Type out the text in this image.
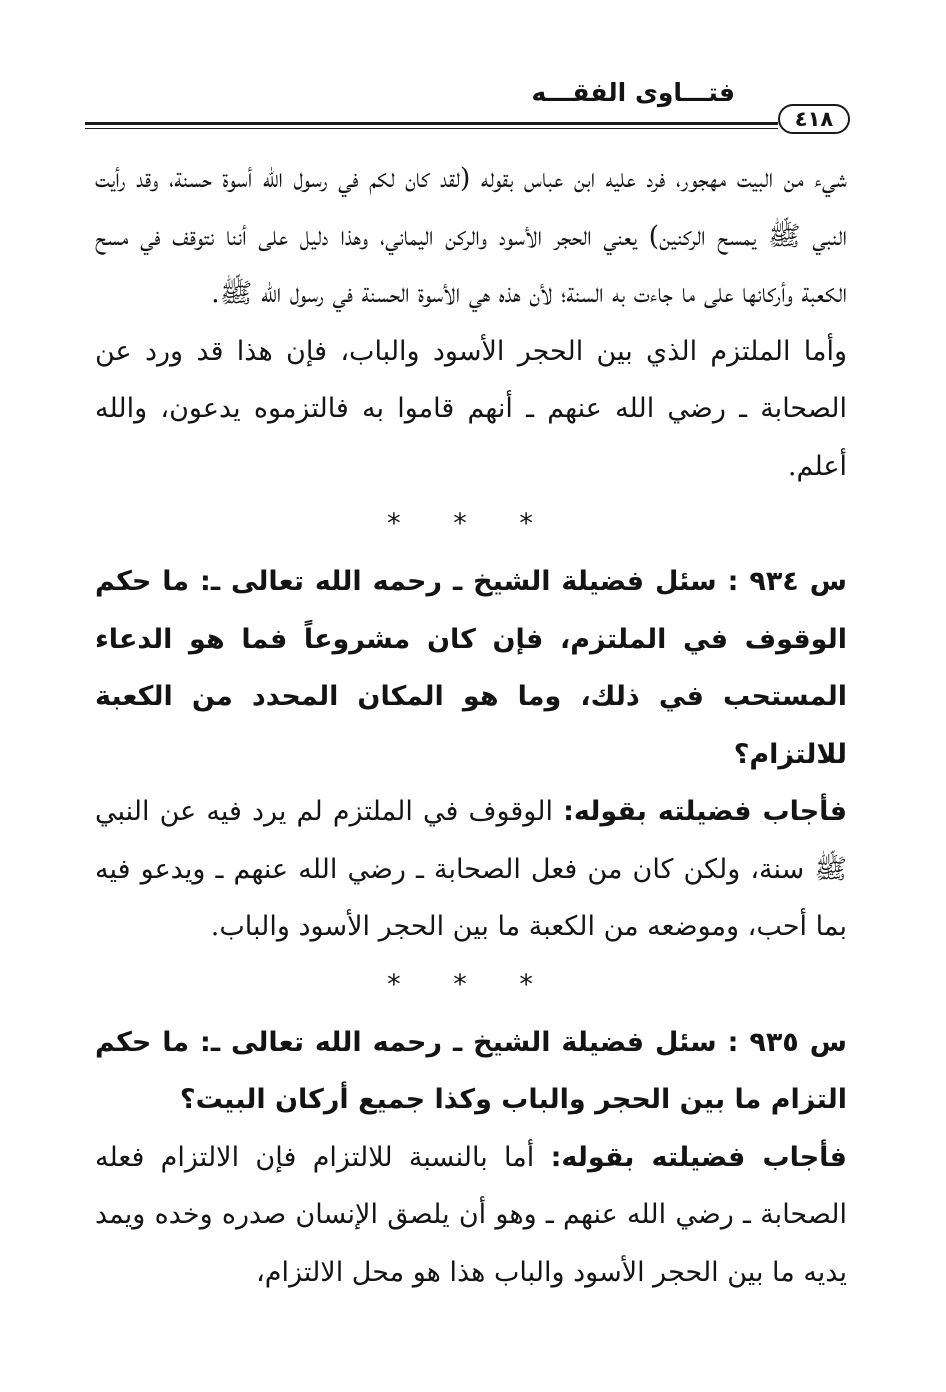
فتـــاوى الفقـــه
٤١٨

شيء من البيت مهجور، فرد عليه ابن عباس بقوله (لقد كان لكم في رسول الله أسوة حسنة، وقد رأيت النبي ﷺ يمسح الركنين) يعني الحجر الأسود والركن اليماني، وهذا دليل على أننا نتوقف في مسح الكعبة وأركانها على ما جاءت به السنة؛ لأن هذه هي الأسوة الحسنة في رسول الله ﷺ.

وأما الملتزم الذي بين الحجر الأسود والباب، فإن هذا قد ورد عن الصحابة ـ رضي الله عنهم ـ أنهم قاموا به فالتزموه يدعون، والله أعلم.

* * *

س ٩٣٤ : سئل فضيلة الشيخ ـ رحمه الله تعالى ـ: ما حكم الوقوف في الملتزم، فإن كان مشروعاً فما هو الدعاء المستحب في ذلك، وما هو المكان المحدد من الكعبة للالتزام؟

فأجاب فضيلته بقوله: الوقوف في الملتزم لم يرد فيه عن النبي ﷺ سنة، ولكن كان من فعل الصحابة ـ رضي الله عنهم ـ ويدعو فيه بما أحب، وموضعه من الكعبة ما بين الحجر الأسود والباب.

* * *

س ٩٣٥ : سئل فضيلة الشيخ ـ رحمه الله تعالى ـ: ما حكم التزام ما بين الحجر والباب وكذا جميع أركان البيت؟

فأجاب فضيلته بقوله: أما بالنسبة للالتزام فإن الالتزام فعله الصحابة ـ رضي الله عنهم ـ وهو أن يلصق الإنسان صدره وخده ويمد يديه ما بين الحجر الأسود والباب هذا هو محل الالتزام،
